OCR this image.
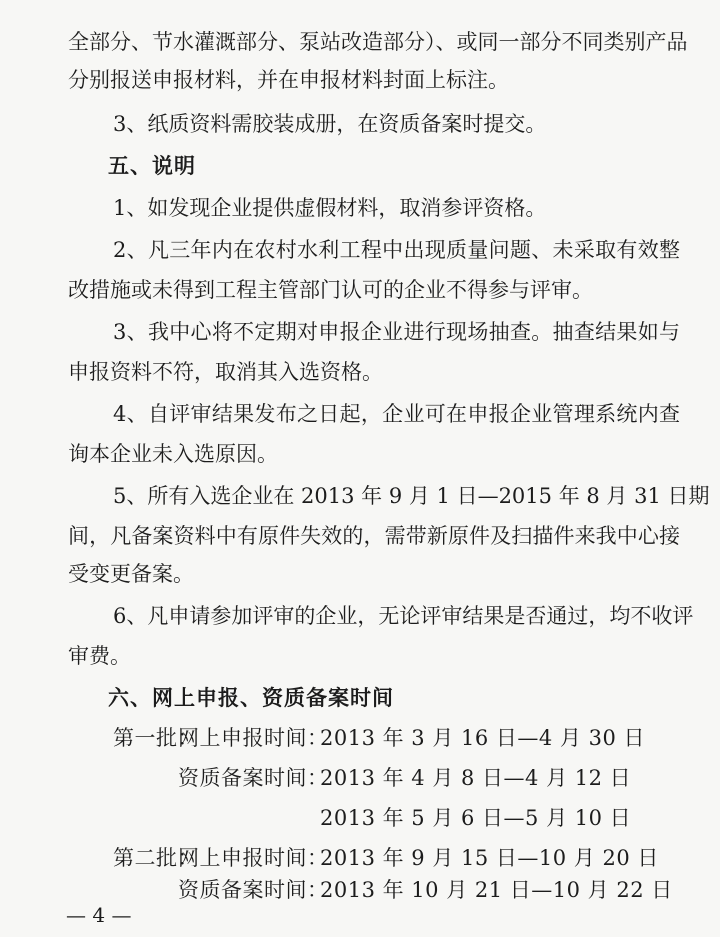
全部分、节水灌溉部分、泵站改造部分）、或同一部分不同类别产品
分别报送申报材料，并在申报材料封面上标注。
3、纸质资料需胶装成册，在资质备案时提交。
五、说明
1、如发现企业提供虚假材料，取消参评资格。
2、凡三年内在农村水利工程中出现质量问题、未采取有效整
改措施或未得到工程主管部门认可的企业不得参与评审。
3、我中心将不定期对申报企业进行现场抽查。抽查结果如与
申报资料不符，取消其入选资格。
4、自评审结果发布之日起，企业可在申报企业管理系统内查
询本企业未入选原因。
5、所有入选企业在 2013 年 9 月 1 日—2015 年 8 月 31 日期
间，凡备案资料中有原件失效的，需带新原件及扫描件来我中心接
受变更备案。
6、凡申请参加评审的企业，无论评审结果是否通过，均不收评
审费。
六、网上申报、资质备案时间
第一批：
网上申报时间：
2013 年 3 月 16 日—4 月 30 日
资质备案时间：
2013 年 4 月 8 日—4 月 12 日
2013 年 5 月 6 日—5 月 10 日
第二批：
网上申报时间：
2013 年 9 月 15 日—10 月 20 日
资质备案时间：
2013 年 10 月 21 日—10 月 22 日
— 4 —
